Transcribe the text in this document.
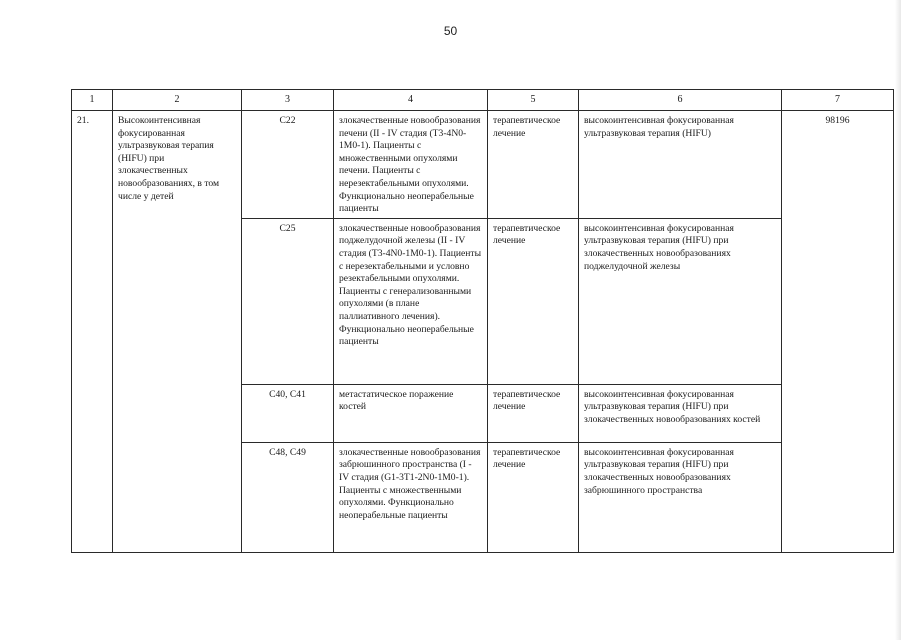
50
1	2	3	4	5	6	7

21.	Высокоинтенсивная фокусированная ультразвуковая терапия (HIFU) при злокачественных новообразованиях, в том числе у детей	C22	злокачественные новообразования печени (II - IV стадия (T3-4N0-1M0-1). Пациенты с множественными опухолями печени. Пациенты с нерезектабельными опухолями. Функционально неоперабельные пациенты	терапевтическое лечение	высокоинтенсивная фокусированная ультразвуковая терапия (HIFU)	98196

		C25	злокачественные новообразования поджелудочной железы (II - IV стадия (T3-4N0-1M0-1). Пациенты с нерезектабельными и условно резектабельными опухолями. Пациенты с генерализованными опухолями (в плане паллиативного лечения). Функционально неоперабельные пациенты	терапевтическое лечение	высокоинтенсивная фокусированная ультразвуковая терапия (HIFU) при злокачественных новообразованиях поджелудочной железы	

		C40, C41	метастатическое поражение костей	терапевтическое лечение	высокоинтенсивная фокусированная ультразвуковая терапия (HIFU) при злокачественных новообразованиях костей	

		C48, C49	злокачественные новообразования забрюшинного пространства (I - IV стадия (G1-3T1-2N0-1M0-1). Пациенты с множественными опухолями. Функционально неоперабельные пациенты	терапевтическое лечение	высокоинтенсивная фокусированная ультразвуковая терапия (HIFU) при злокачественных новообразованиях забрюшинного пространства	
